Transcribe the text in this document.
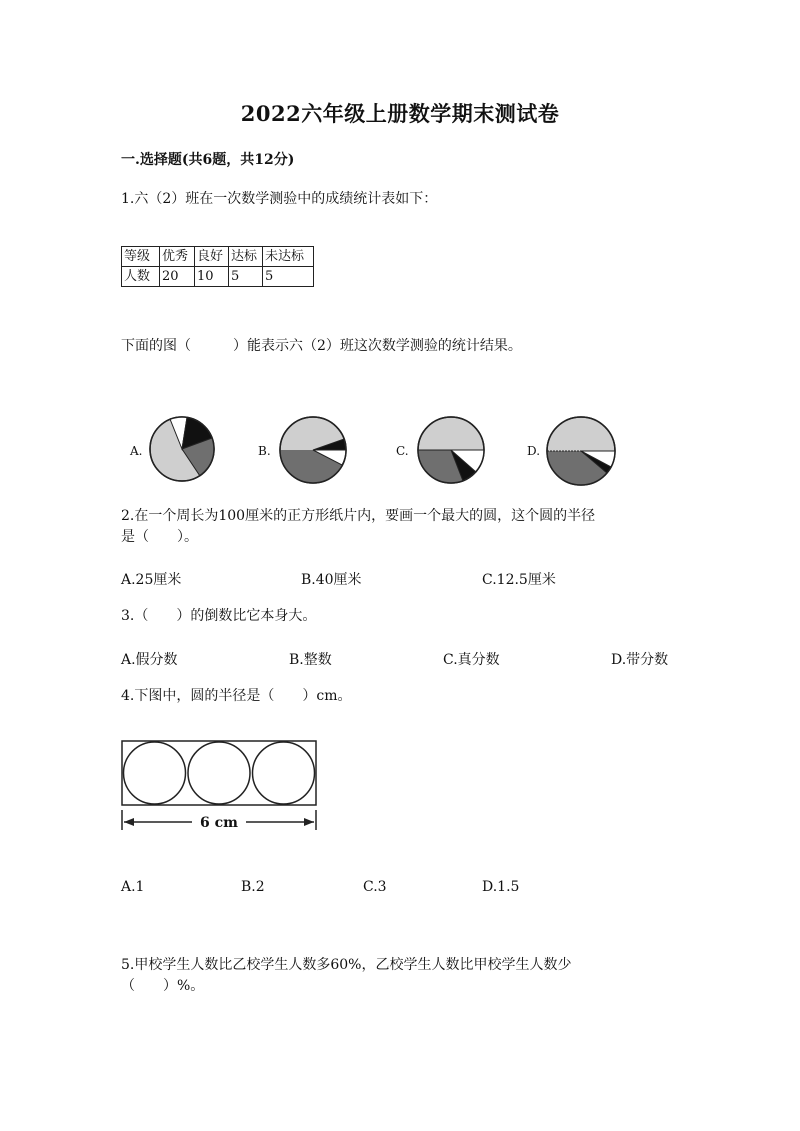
2022六年级上册数学期末测试卷
一.选择题(共6题，共12分)
1.六（2）班在一次数学测验中的成绩统计表如下：
等级	优秀	良好	达标	未达标
人数	20	10	5	5
下面的图（　　　）能表示六（2）班这次数学测验的统计结果。
A.	B.	C.	D.
2.在一个周长为100厘米的正方形纸片内，要画一个最大的圆，这个圆的半径
是（　　）。
A.25厘米	B.40厘米	C.12.5厘米
3.（　　）的倒数比它本身大。
A.假分数	B.整数	C.真分数	D.带分数
4.下图中，圆的半径是（　　）cm。
6 cm
A.1	B.2	C.3	D.1.5
5.甲校学生人数比乙校学生人数多60%，乙校学生人数比甲校学生人数少
（　　）%。
